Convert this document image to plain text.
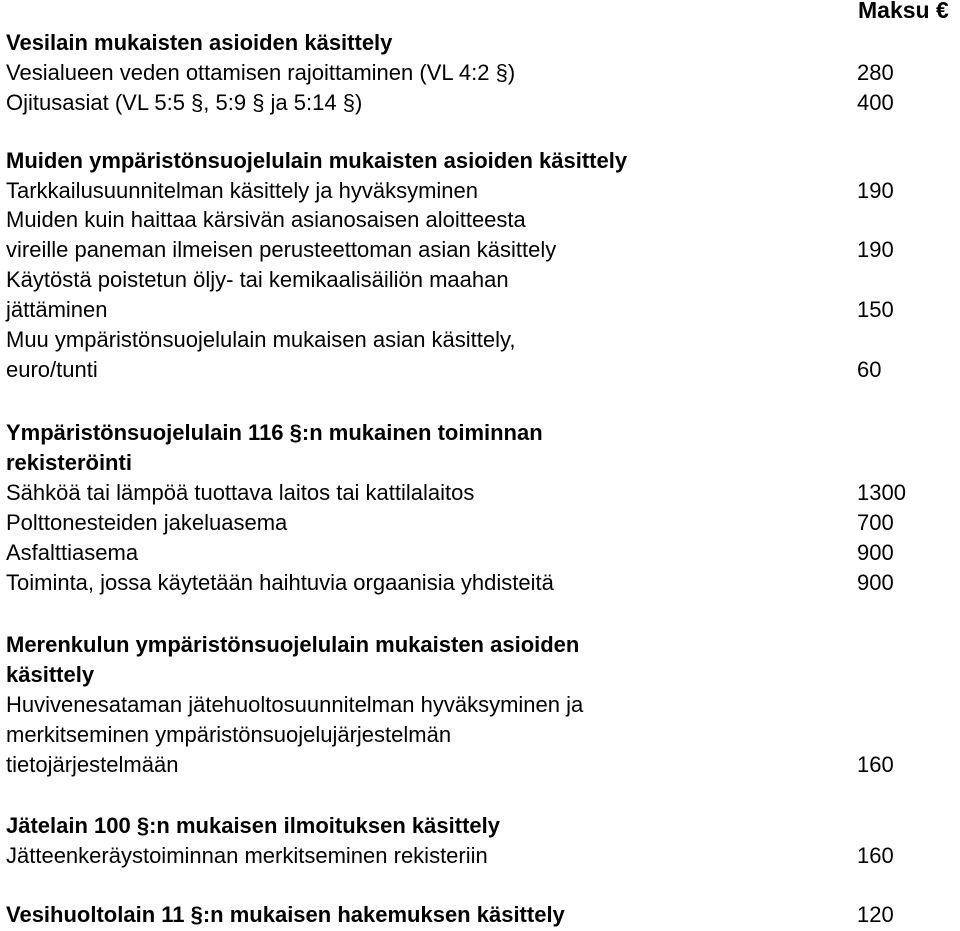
Maksu €
Vesilain mukaisten asioiden käsittely
Vesialueen veden ottamisen rajoittaminen (VL 4:2 §)	280
Ojitusasiat (VL 5:5 §, 5:9 § ja 5:14 §)	400
Muiden ympäristönsuojelulain mukaisten asioiden käsittely
Tarkkailusuunnitelman käsittely ja hyväksyminen	190
Muiden kuin haittaa kärsivän asianosaisen aloitteesta
vireille paneman ilmeisen perusteettoman asian käsittely	190
Käytöstä poistetun öljy- tai kemikaalisäiliön maahan
jättäminen	150
Muu ympäristönsuojelulain mukaisen asian käsittely,
euro/tunti	60
Ympäristönsuojelulain 116 §:n mukainen toiminnan
rekisteröinti
Sähköä tai lämpöä tuottava laitos tai kattilalaitos	1300
Polttonesteiden jakeluasema	700
Asfalttiasema	900
Toiminta, jossa käytetään haihtuvia orgaanisia yhdisteitä	900
Merenkulun ympäristönsuojelulain mukaisten asioiden
käsittely
Huvivenesataman jätehuoltosuunnitelman hyväksyminen ja
merkitseminen ympäristönsuojelujärjestelmän
tietojärjestelmään	160
Jätelain 100 §:n mukaisen ilmoituksen käsittely
Jätteenkeräystoiminnan merkitseminen rekisteriin	160
Vesihuoltolain 11 §:n mukaisen hakemuksen käsittely	120
